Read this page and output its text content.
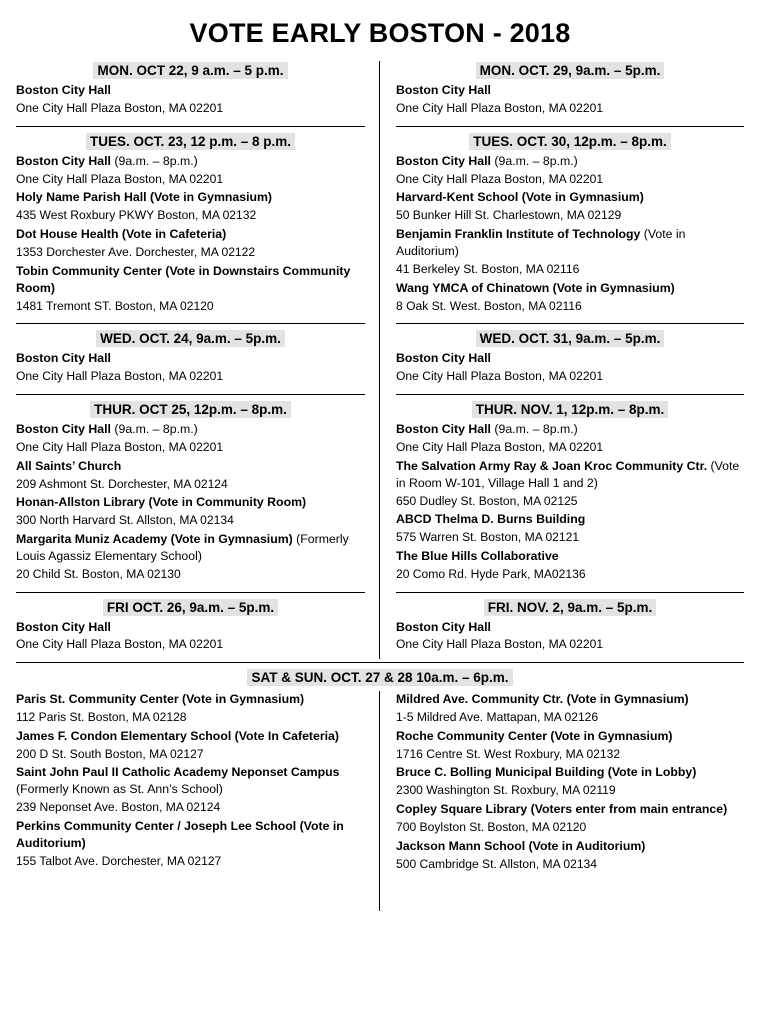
VOTE EARLY BOSTON - 2018
MON. OCT 22, 9 a.m. – 5 p.m.
Boston City Hall
One City Hall Plaza Boston, MA 02201
TUES. OCT. 23, 12 p.m. – 8 p.m.
Boston City Hall (9a.m. – 8p.m.)
One City Hall Plaza Boston, MA 02201
Holy Name Parish Hall (Vote in Gymnasium)
435 West Roxbury PKWY Boston, MA 02132
Dot House Health (Vote in Cafeteria)
1353 Dorchester Ave. Dorchester, MA 02122
Tobin Community Center (Vote in Downstairs Community Room)
1481 Tremont ST. Boston, MA 02120
WED. OCT. 24, 9a.m. – 5p.m.
Boston City Hall
One City Hall Plaza Boston, MA 02201
THUR. OCT 25, 12p.m. – 8p.m.
Boston City Hall (9a.m. – 8p.m.)
One City Hall Plaza Boston, MA 02201
All Saints’ Church
209 Ashmont St. Dorchester, MA 02124
Honan-Allston Library (Vote in Community Room)
300 North Harvard St. Allston, MA 02134
Margarita Muniz Academy (Vote in Gymnasium) (Formerly Louis Agassiz Elementary School)
20 Child St. Boston, MA 02130
FRI OCT. 26, 9a.m. – 5p.m.
Boston City Hall
One City Hall Plaza Boston, MA 02201
MON. OCT. 29, 9a.m. – 5p.m.
Boston City Hall
One City Hall Plaza Boston, MA 02201
TUES. OCT. 30, 12p.m. – 8p.m.
Boston City Hall (9a.m. – 8p.m.)
One City Hall Plaza Boston, MA 02201
Harvard-Kent School (Vote in Gymnasium)
50 Bunker Hill St. Charlestown, MA 02129
Benjamin Franklin Institute of Technology (Vote in Auditorium)
41 Berkeley St. Boston, MA 02116
Wang YMCA of Chinatown (Vote in Gymnasium)
8 Oak St. West. Boston, MA 02116
WED. OCT. 31, 9a.m. – 5p.m.
Boston City Hall
One City Hall Plaza Boston, MA 02201
THUR. NOV. 1, 12p.m. – 8p.m.
Boston City Hall (9a.m. – 8p.m.)
One City Hall Plaza Boston, MA 02201
The Salvation Army Ray & Joan Kroc Community Ctr. (Vote in Room W-101, Village Hall 1 and 2)
650 Dudley St. Boston, MA 02125
ABCD Thelma D. Burns Building
575 Warren St. Boston, MA 02121
The Blue Hills Collaborative
20 Como Rd. Hyde Park, MA02136
FRI. NOV. 2, 9a.m. – 5p.m.
Boston City Hall
One City Hall Plaza Boston, MA 02201
SAT & SUN. OCT. 27 & 28 10a.m. – 6p.m.
Paris St. Community Center (Vote in Gymnasium)
112 Paris St. Boston, MA 02128
James F. Condon Elementary School (Vote In Cafeteria)
200 D St. South Boston, MA 02127
Saint John Paul II Catholic Academy Neponset Campus (Formerly Known as St. Ann’s School)
239 Neponset Ave. Boston, MA 02124
Perkins Community Center / Joseph Lee School (Vote in Auditorium)
155 Talbot Ave. Dorchester, MA 02127
Mildred Ave. Community Ctr. (Vote in Gymnasium)
1-5 Mildred Ave. Mattapan, MA 02126
Roche Community Center (Vote in Gymnasium)
1716 Centre St. West Roxbury, MA 02132
Bruce C. Bolling Municipal Building (Vote in Lobby)
2300 Washington St. Roxbury, MA 02119
Copley Square Library (Voters enter from main entrance)
700 Boylston St. Boston, MA 02120
Jackson Mann School (Vote in Auditorium)
500 Cambridge St. Allston, MA 02134
